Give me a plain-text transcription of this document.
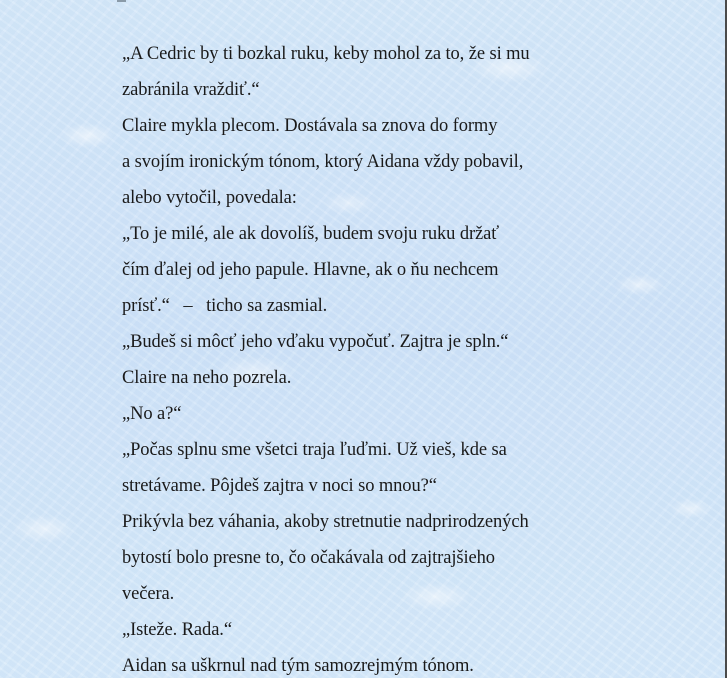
„A Cedric by ti bozkal ruku, keby mohol za to, že si mu
zabránila vraždiť.“
Claire mykla plecom. Dostávala sa znova do formy
a svojím ironickým tónom, ktorý Aidana vždy pobavil,
alebo vytočil, povedala:
„To je milé, ale ak dovolíš, budem svoju ruku držať
čím ďalej od jeho papule. Hlavne, ak o ňu nechcem
prísť.“   –   ticho sa zasmial.
„Budeš si môcť jeho vďaku vypočuť. Zajtra je spln.“
Claire na neho pozrela.
„No a?“
„Počas splnu sme všetci traja ľuďmi. Už vieš, kde sa
stretávame. Pôjdeš zajtra v noci so mnou?“
Prikývla bez váhania, akoby stretnutie nadprirodzených
bytostí bolo presne to, čo očakávala od zajtrajšieho
večera.
„Istežе. Rada.“
Aidan sa uškrnul nad tým samozrejmým tónom.
